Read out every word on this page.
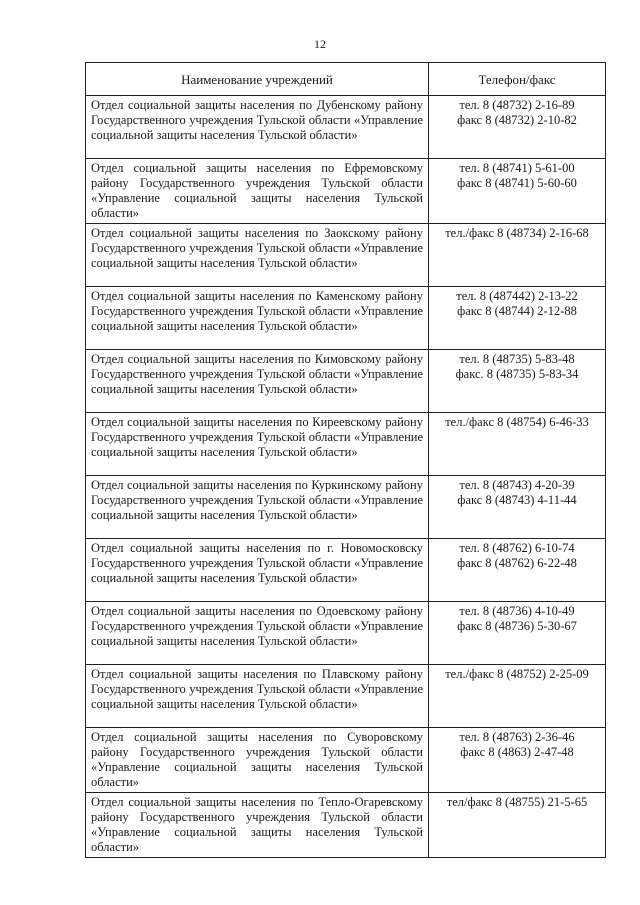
12
Наименование учреждений	Телефон/факс
Отдел социальной защиты населения по Дубенскому району Государственного учреждения Тульской области «Управление социальной защиты населения Тульской области»	тел. 8 (48732) 2-16-89
факс 8 (48732) 2-10-82

Отдел социальной защиты населения по Ефремовскому району Государственного учреждения Тульской области «Управление социальной защиты населения Тульской области»	тел. 8 (48741) 5-61-00
факс 8 (48741) 5-60-60

Отдел социальной защиты населения по Заокскому району Государственного учреждения Тульской области «Управление социальной защиты населения Тульской области»	тел./факс 8 (48734) 2-16-68

Отдел социальной защиты населения по Каменскому району Государственного учреждения Тульской области «Управление социальной защиты населения Тульской области»	тел. 8 (487442) 2-13-22
факс 8 (48744) 2-12-88

Отдел социальной защиты населения по Кимовскому району Государственного учреждения Тульской области «Управление социальной защиты населения Тульской области»	тел. 8 (48735) 5-83-48
факс. 8 (48735) 5-83-34

Отдел социальной защиты населения по Киреевскому району Государственного учреждения Тульской области «Управление социальной защиты населения Тульской области»	тел./факс 8 (48754) 6-46-33

Отдел социальной защиты населения по Куркинскому району Государственного учреждения Тульской области «Управление социальной защиты населения Тульской области»	тел. 8 (48743) 4-20-39
факс 8 (48743) 4-11-44

Отдел социальной защиты населения по г. Новомосковску Государственного учреждения Тульской области «Управление социальной защиты населения Тульской области»	тел. 8 (48762) 6-10-74
факс 8 (48762) 6-22-48

Отдел социальной защиты населения по Одоевскому району Государственного учреждения Тульской области «Управление социальной защиты населения Тульской области»	тел. 8 (48736) 4-10-49
факс 8 (48736) 5-30-67

Отдел социальной защиты населения по Плавскому району Государственного учреждения Тульской области «Управление социальной защиты населения Тульской области»	тел./факс 8 (48752) 2-25-09

Отдел социальной защиты населения по Суворовскому району Государственного учреждения Тульской области «Управление социальной защиты населения Тульской области»	тел. 8 (48763) 2-36-46
факс 8 (4863) 2-47-48

Отдел социальной защиты населения по Тепло-Огаревскому району Государственного учреждения Тульской области «Управление социальной защиты населения Тульской области»	тел/факс 8 (48755) 21-5-65
